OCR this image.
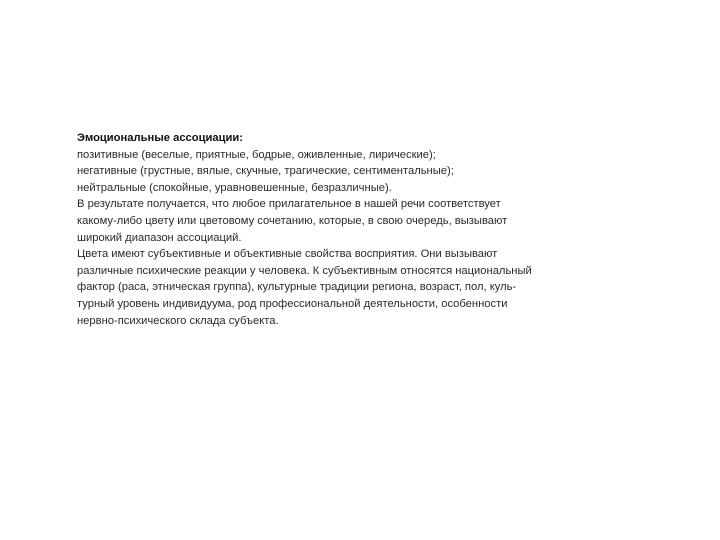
Эмоциональные ассоциации:
позитивные (веселые, приятные, бодрые, оживленные, лирические);
негативные (грустные, вялые, скучные, трагические, сентиментальные);
нейтральные (спокойные, уравновешенные, безразличные).
В результате получается, что любое прилагательное в нашей речи соответствует
какому-либо цвету или цветовому сочетанию, которые, в свою очередь, вызывают
широкий диапазон ассоциаций.
Цвета имеют субъективные и объективные свойства восприятия. Они вызывают
различные психические реакции у человека. К субъективным относятся национальный
фактор (раса, этническая группа), культурные традиции региона, возраст, пол, куль-
турный уровень индивидуума, род профессиональной деятельности, особенности
нервно-психического склада субъекта.
